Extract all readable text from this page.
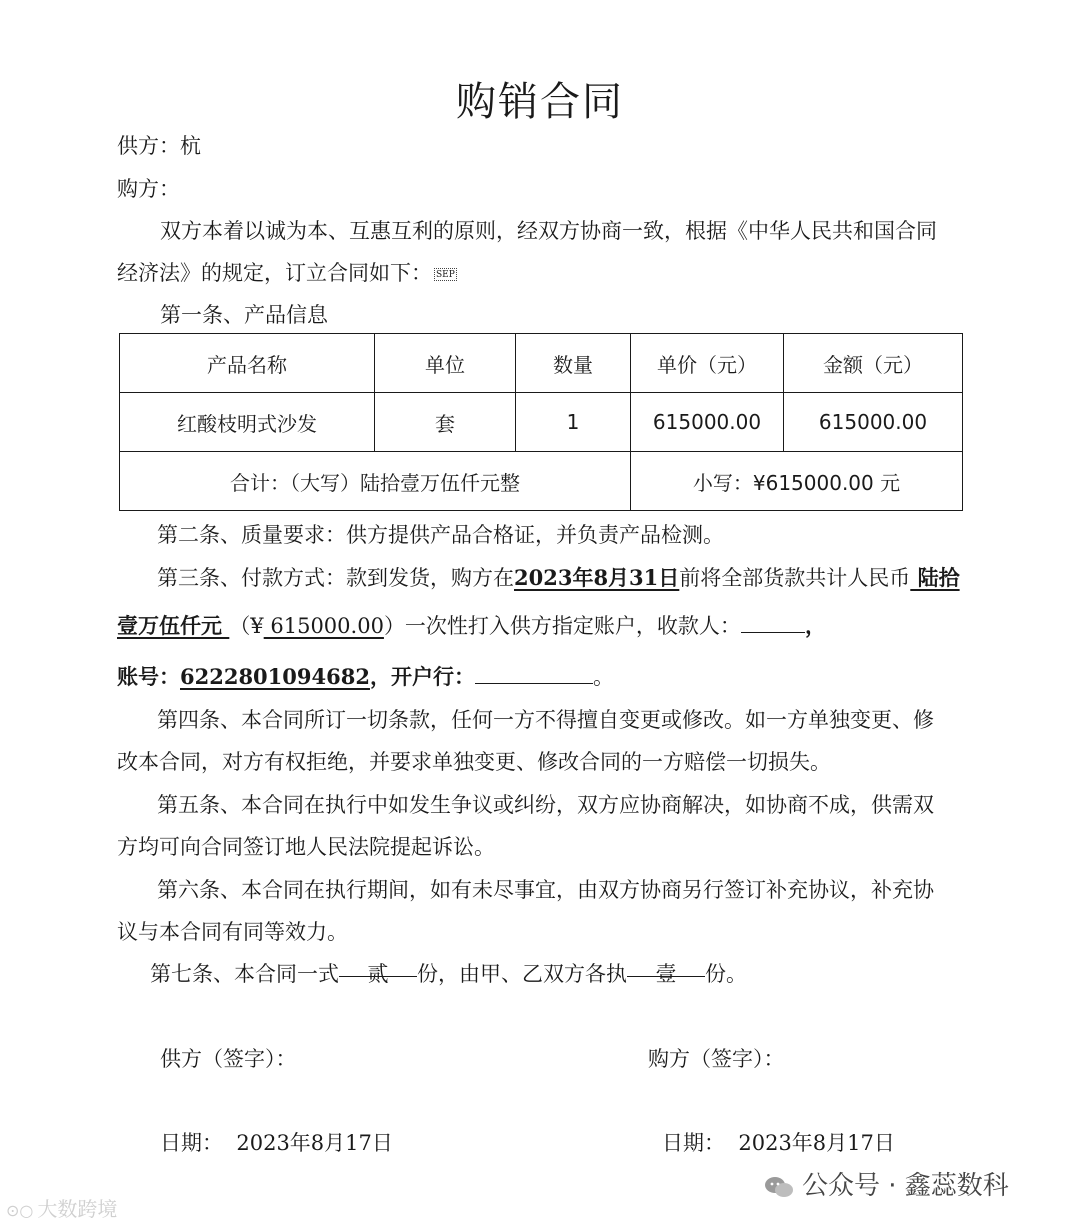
购销合同
供方：杭
购方：
双方本着以诚为本、互惠互利的原则，经双方协商一致，根据《中华人民共和国合同
经济法》的规定，订立合同如下： SEP
第一条、产品信息
产品名称	单位	数量	单价（元）	金额（元）
红酸枝明式沙发	套	1	615000.00	615000.00
合计：（大写）陆拾壹万伍仟元整			小写：¥615000.00 元	
第二条、质量要求：供方提供产品合格证，并负责产品检测。
第三条、付款方式：款到发货，购方在2023年8月31日前将全部货款共计人民币 陆拾
壹万伍仟元 （¥ 615000.00）一次性打入供方指定账户，收款人：	，
账号：6222801094682，开户行：	。
第四条、本合同所订一切条款，任何一方不得擅自变更或修改。如一方单独变更、修
改本合同，对方有权拒绝，并要求单独变更、修改合同的一方赔偿一切损失。
第五条、本合同在执行中如发生争议或纠纷，双方应协商解决，如协商不成，供需双
方均可向合同签订地人民法院提起诉讼。
第六条、本合同在执行期间，如有未尽事宜，由双方协商另行签订补充协议，补充协
议与本合同有同等效力。
第七条、本合同一式 贰 份，由甲、乙双方各执 壹 份。
供方（签字）：	购方（签字）：
日期： 2023年8月17日	日期： 2023年8月17日
⊙○ 大数跨境
公众号 · 鑫蕊数科
